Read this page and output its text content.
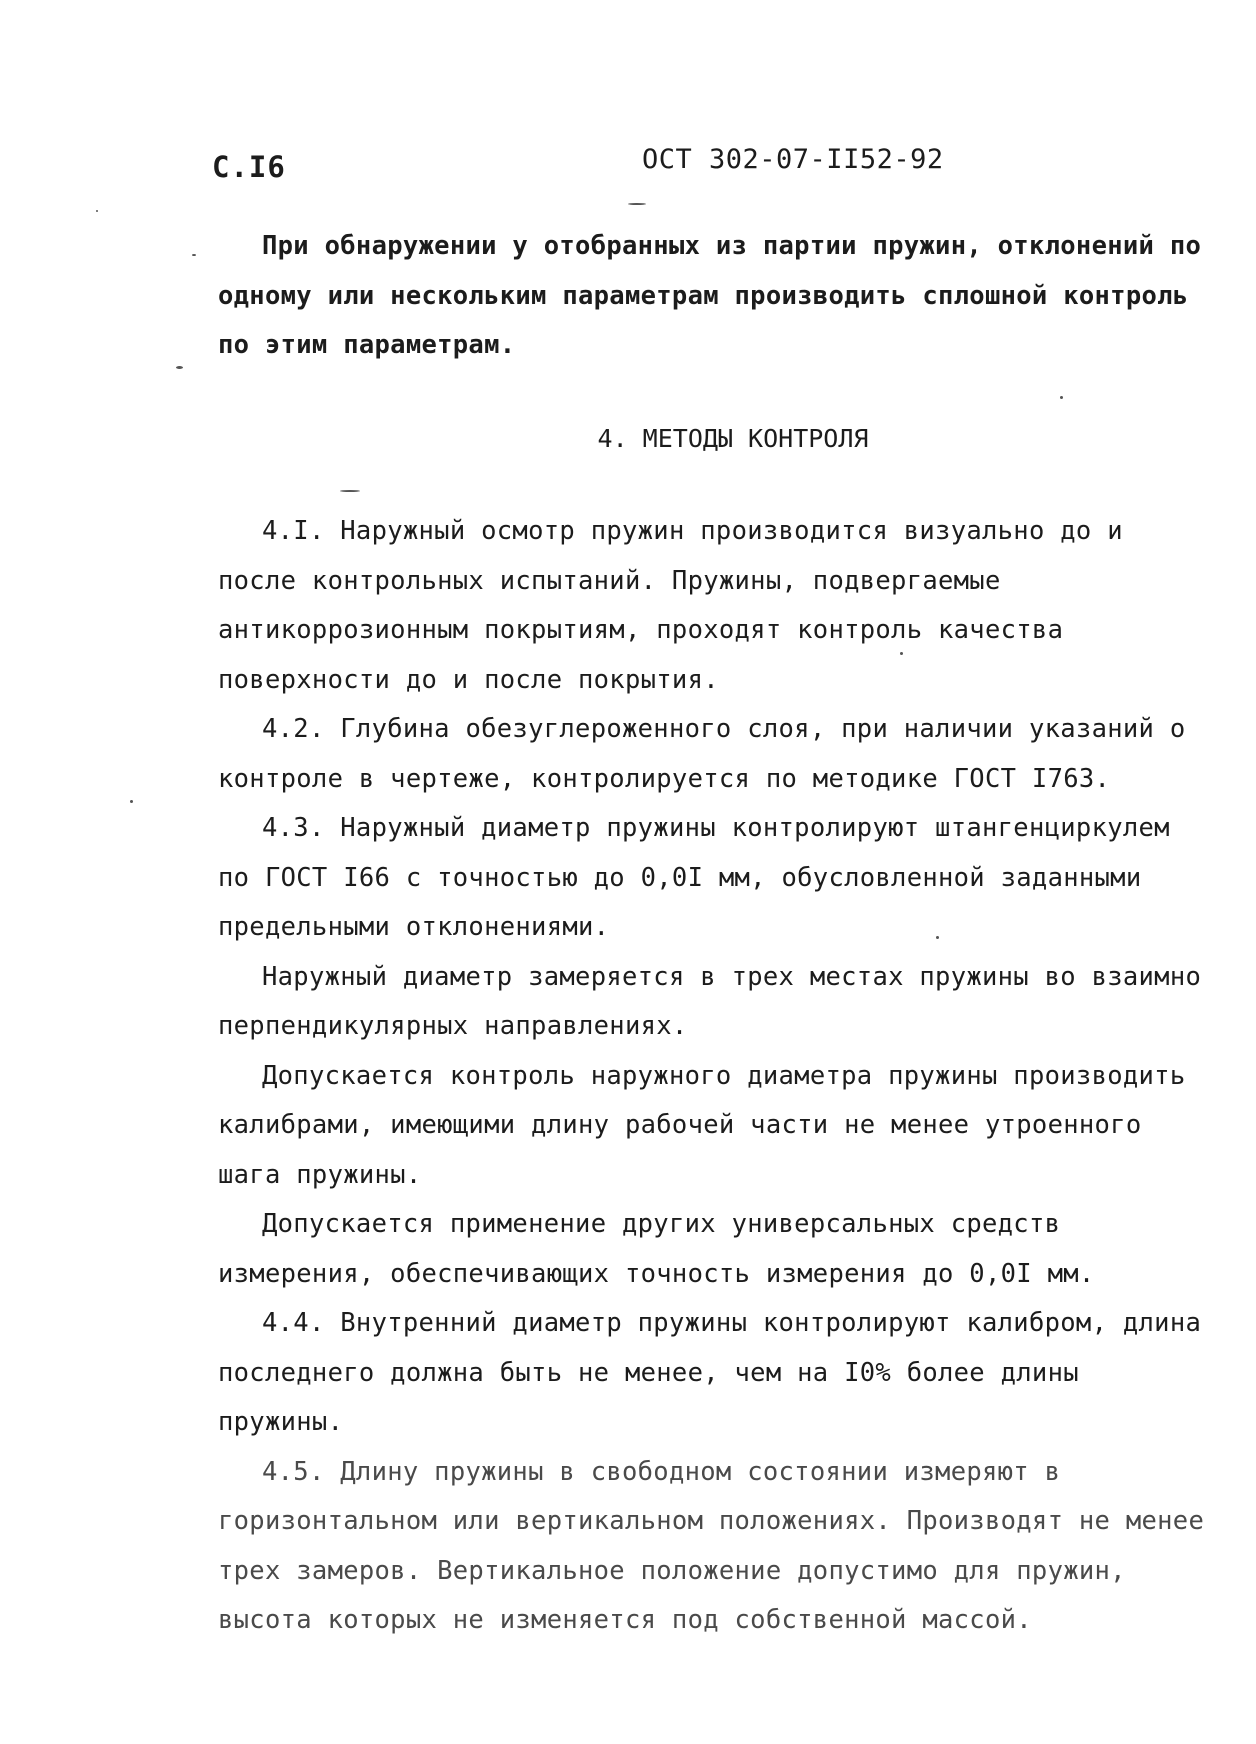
С.I6	ОСТ 302-07-II52-92

При обнаружении у отобранных из партии пружин, отклонений по одному или нескольким параметрам производить сплошной контроль по этим параметрам.

4. МЕТОДЫ КОНТРОЛЯ

4.I. Наружный осмотр пружин производится визуально до и после контрольных испытаний. Пружины, подвергаемые антикоррозионным покрытиям, проходят контроль качества поверхности до и после покрытия.

4.2. Глубина обезуглероженного слоя, при наличии указаний о контроле в чертеже, контролируется по методике ГОСТ I763.

4.3. Наружный диаметр пружины контролируют штангенциркулем по ГОСТ I66 с точностью до 0,0I мм, обусловленной заданными предельными отклонениями.

Наружный диаметр замеряется в трех местах пружины во взаимно перпендикулярных направлениях.

Допускается контроль наружного диаметра пружины производить калибрами, имеющими длину рабочей части не менее утроенного шага пружины.

Допускается применение других универсальных средств измерения, обеспечивающих точность измерения до 0,0I мм.

4.4. Внутренний диаметр пружины контролируют калибром, длина последнего должна быть не менее, чем на I0% более длины пружины.

4.5. Длину пружины в свободном состоянии измеряют в горизонтальном или вертикальном положениях. Производят не менее трех замеров. Вертикальное положение допустимо для пружин, высота которых не изменяется под собственной массой.
